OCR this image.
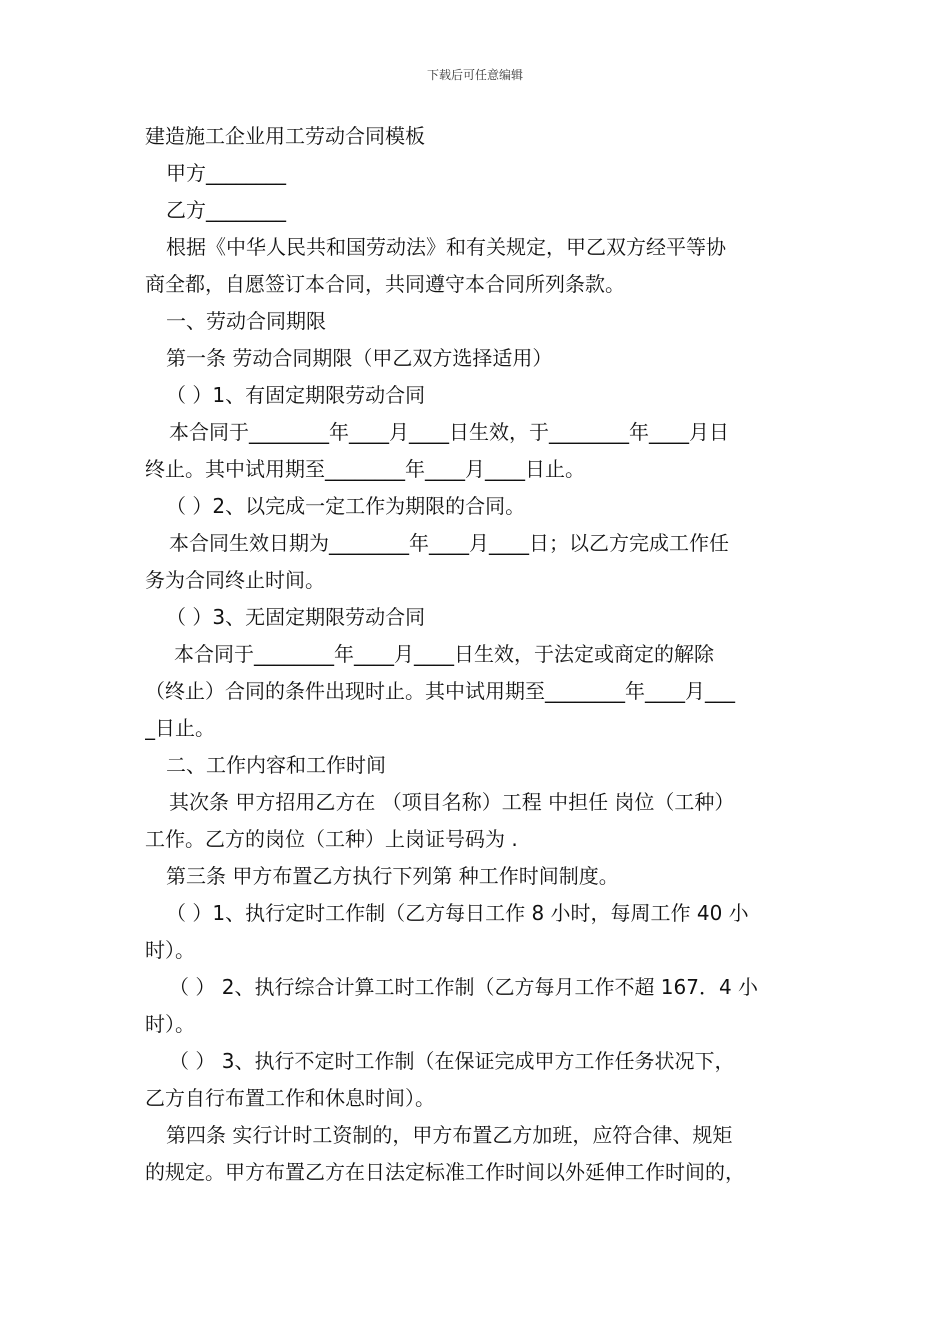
下载后可任意编辑
建造施工企业用工劳动合同模板
甲方________
乙方________
根据《中华人民共和国劳动法》和有关规定，甲乙双方经平等协
商全都，自愿签订本合同，共同遵守本合同所列条款。
一、劳动合同期限
第一条 劳动合同期限（甲乙双方选择适用）
（ ）1、有固定期限劳动合同
本合同于________年____月____日生效，于________年____月日
终止。其中试用期至________年____月____日止。
（ ）2、以完成一定工作为期限的合同。
本合同生效日期为________年____月____日；以乙方完成工作任
务为合同终止时间。
（ ）3、无固定期限劳动合同
本合同于________年____月____日生效，于法定或商定的解除
（终止）合同的条件出现时止。其中试用期至________年____月___
_日止。
二、工作内容和工作时间
其次条 甲方招用乙方在 （项目名称）工程 中担任 岗位（工种）
工作。乙方的岗位（工种）上岗证号码为 .
第三条 甲方布置乙方执行下列第 种工作时间制度。
（ ）1、执行定时工作制（乙方每日工作 8 小时，每周工作 40 小
时）。
（ ） 2、执行综合计算工时工作制（乙方每月工作不超 167．4 小
时）。
（ ） 3、执行不定时工作制（在保证完成甲方工作任务状况下，
乙方自行布置工作和休息时间）。
第四条 实行计时工资制的，甲方布置乙方加班，应符合律、规矩
的规定。甲方布置乙方在日法定标准工作时间以外延伸工作时间的，
